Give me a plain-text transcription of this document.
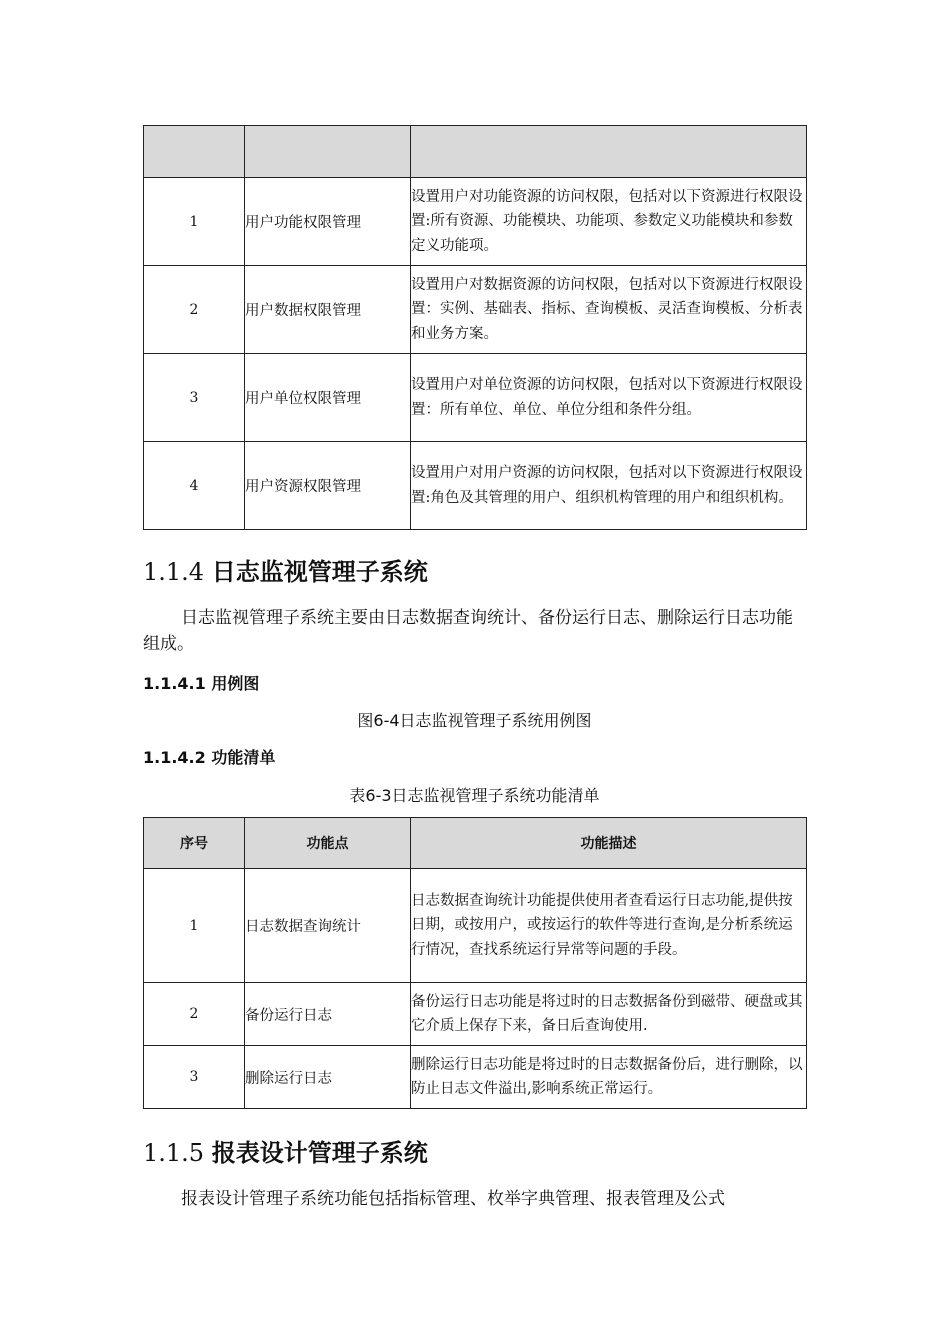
1	用户功能权限管理	设置用户对功能资源的访问权限，包括对以下资源进行权限设置:所有资源、功能模块、功能项、参数定义功能模块和参数定义功能项。
2	用户数据权限管理	设置用户对数据资源的访问权限，包括对以下资源进行权限设置：实例、基础表、指标、查询模板、灵活查询模板、分析表和业务方案。
3	用户单位权限管理	设置用户对单位资源的访问权限，包括对以下资源进行权限设置：所有单位、单位、单位分组和条件分组。
4	用户资源权限管理	设置用户对用户资源的访问权限，包括对以下资源进行权限设置:角色及其管理的用户、组织机构管理的用户和组织机构。
1.1.4 日志监视管理子系统

日志监视管理子系统主要由日志数据查询统计、备份运行日志、删除运行日志功能组成。

1.1.4.1 用例图

图6-4日志监视管理子系统用例图

1.1.4.2 功能清单

表6-3日志监视管理子系统功能清单

序号	功能点	功能描述
1	日志数据查询统计	日志数据查询统计功能提供使用者查看运行日志功能,提供按日期，或按用户，或按运行的软件等进行查询,是分析系统运行情况，查找系统运行异常等问题的手段。
2	备份运行日志	备份运行日志功能是将过时的日志数据备份到磁带、硬盘或其它介质上保存下来，备日后查询使用.
3	删除运行日志	删除运行日志功能是将过时的日志数据备份后，进行删除，以防止日志文件溢出,影响系统正常运行。
1.1.5 报表设计管理子系统

报表设计管理子系统功能包括指标管理、枚举字典管理、报表管理及公式
